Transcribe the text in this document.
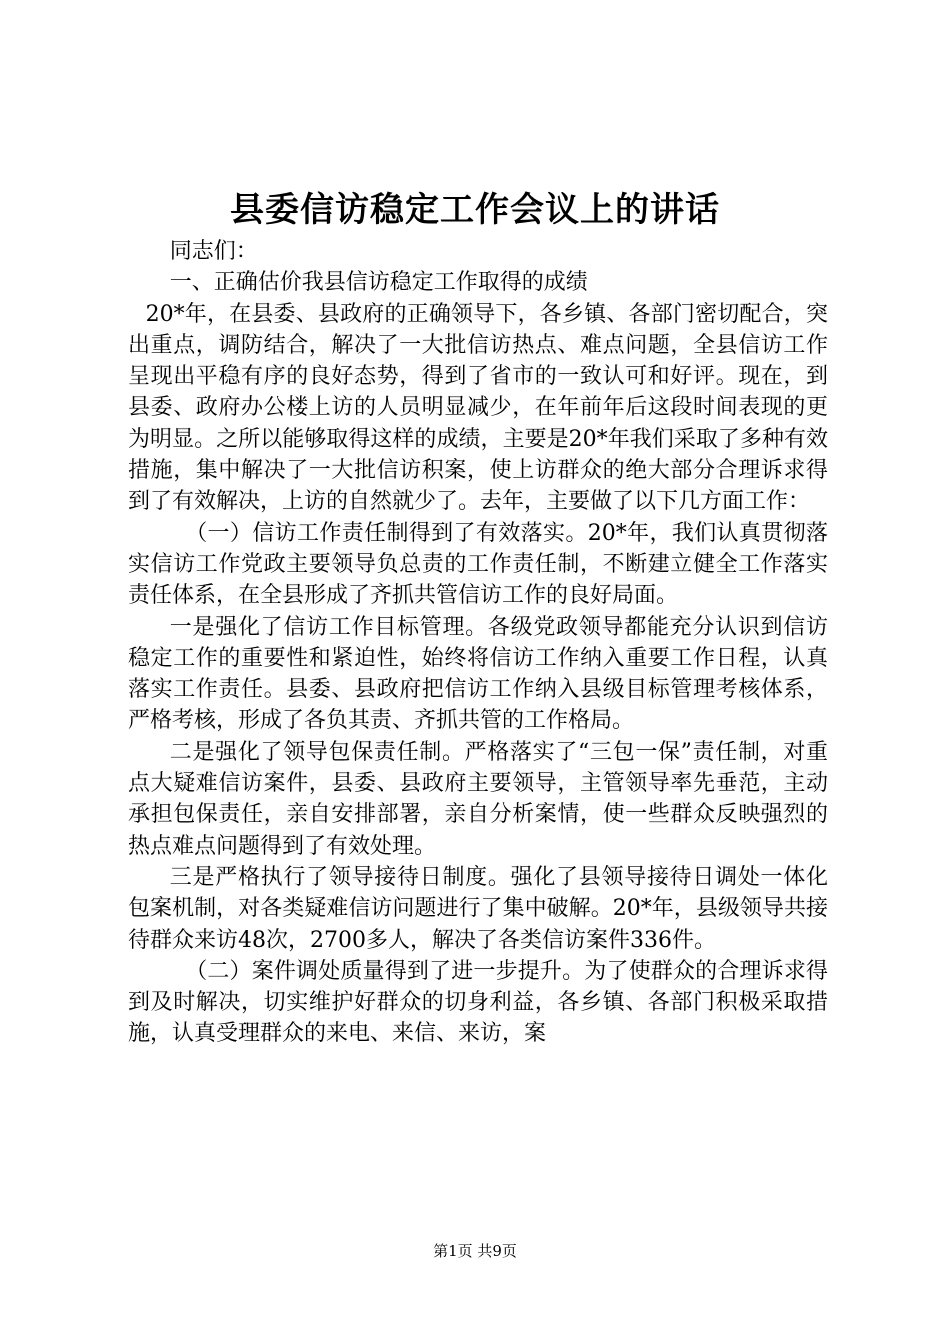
县委信访稳定工作会议上的讲话

同志们：

一、正确估价我县信访稳定工作取得的成绩

20*年，在县委、县政府的正确领导下，各乡镇、各部门密切配合，突出重点，调防结合，解决了一大批信访热点、难点问题，全县信访工作呈现出平稳有序的良好态势，得到了省市的一致认可和好评。现在，到县委、政府办公楼上访的人员明显减少，在年前年后这段时间表现的更为明显。之所以能够取得这样的成绩，主要是20*年我们采取了多种有效措施，集中解决了一大批信访积案，使上访群众的绝大部分合理诉求得到了有效解决，上访的自然就少了。去年，主要做了以下几方面工作：

（一）信访工作责任制得到了有效落实。20*年，我们认真贯彻落实信访工作党政主要领导负总责的工作责任制，不断建立健全工作落实责任体系，在全县形成了齐抓共管信访工作的良好局面。

一是强化了信访工作目标管理。各级党政领导都能充分认识到信访稳定工作的重要性和紧迫性，始终将信访工作纳入重要工作日程，认真落实工作责任。县委、县政府把信访工作纳入县级目标管理考核体系，严格考核，形成了各负其责、齐抓共管的工作格局。

二是强化了领导包保责任制。严格落实了“三包一保”责任制，对重点大疑难信访案件，县委、县政府主要领导，主管领导率先垂范，主动承担包保责任，亲自安排部署，亲自分析案情，使一些群众反映强烈的热点难点问题得到了有效处理。

三是严格执行了领导接待日制度。强化了县领导接待日调处一体化包案机制，对各类疑难信访问题进行了集中破解。20*年，县级领导共接待群众来访48次，2700多人，解决了各类信访案件336件。

（二）案件调处质量得到了进一步提升。为了使群众的合理诉求得到及时解决，切实维护好群众的切身利益，各乡镇、各部门积极采取措施，认真受理群众的来电、来信、来访，案

第1页 共9页
